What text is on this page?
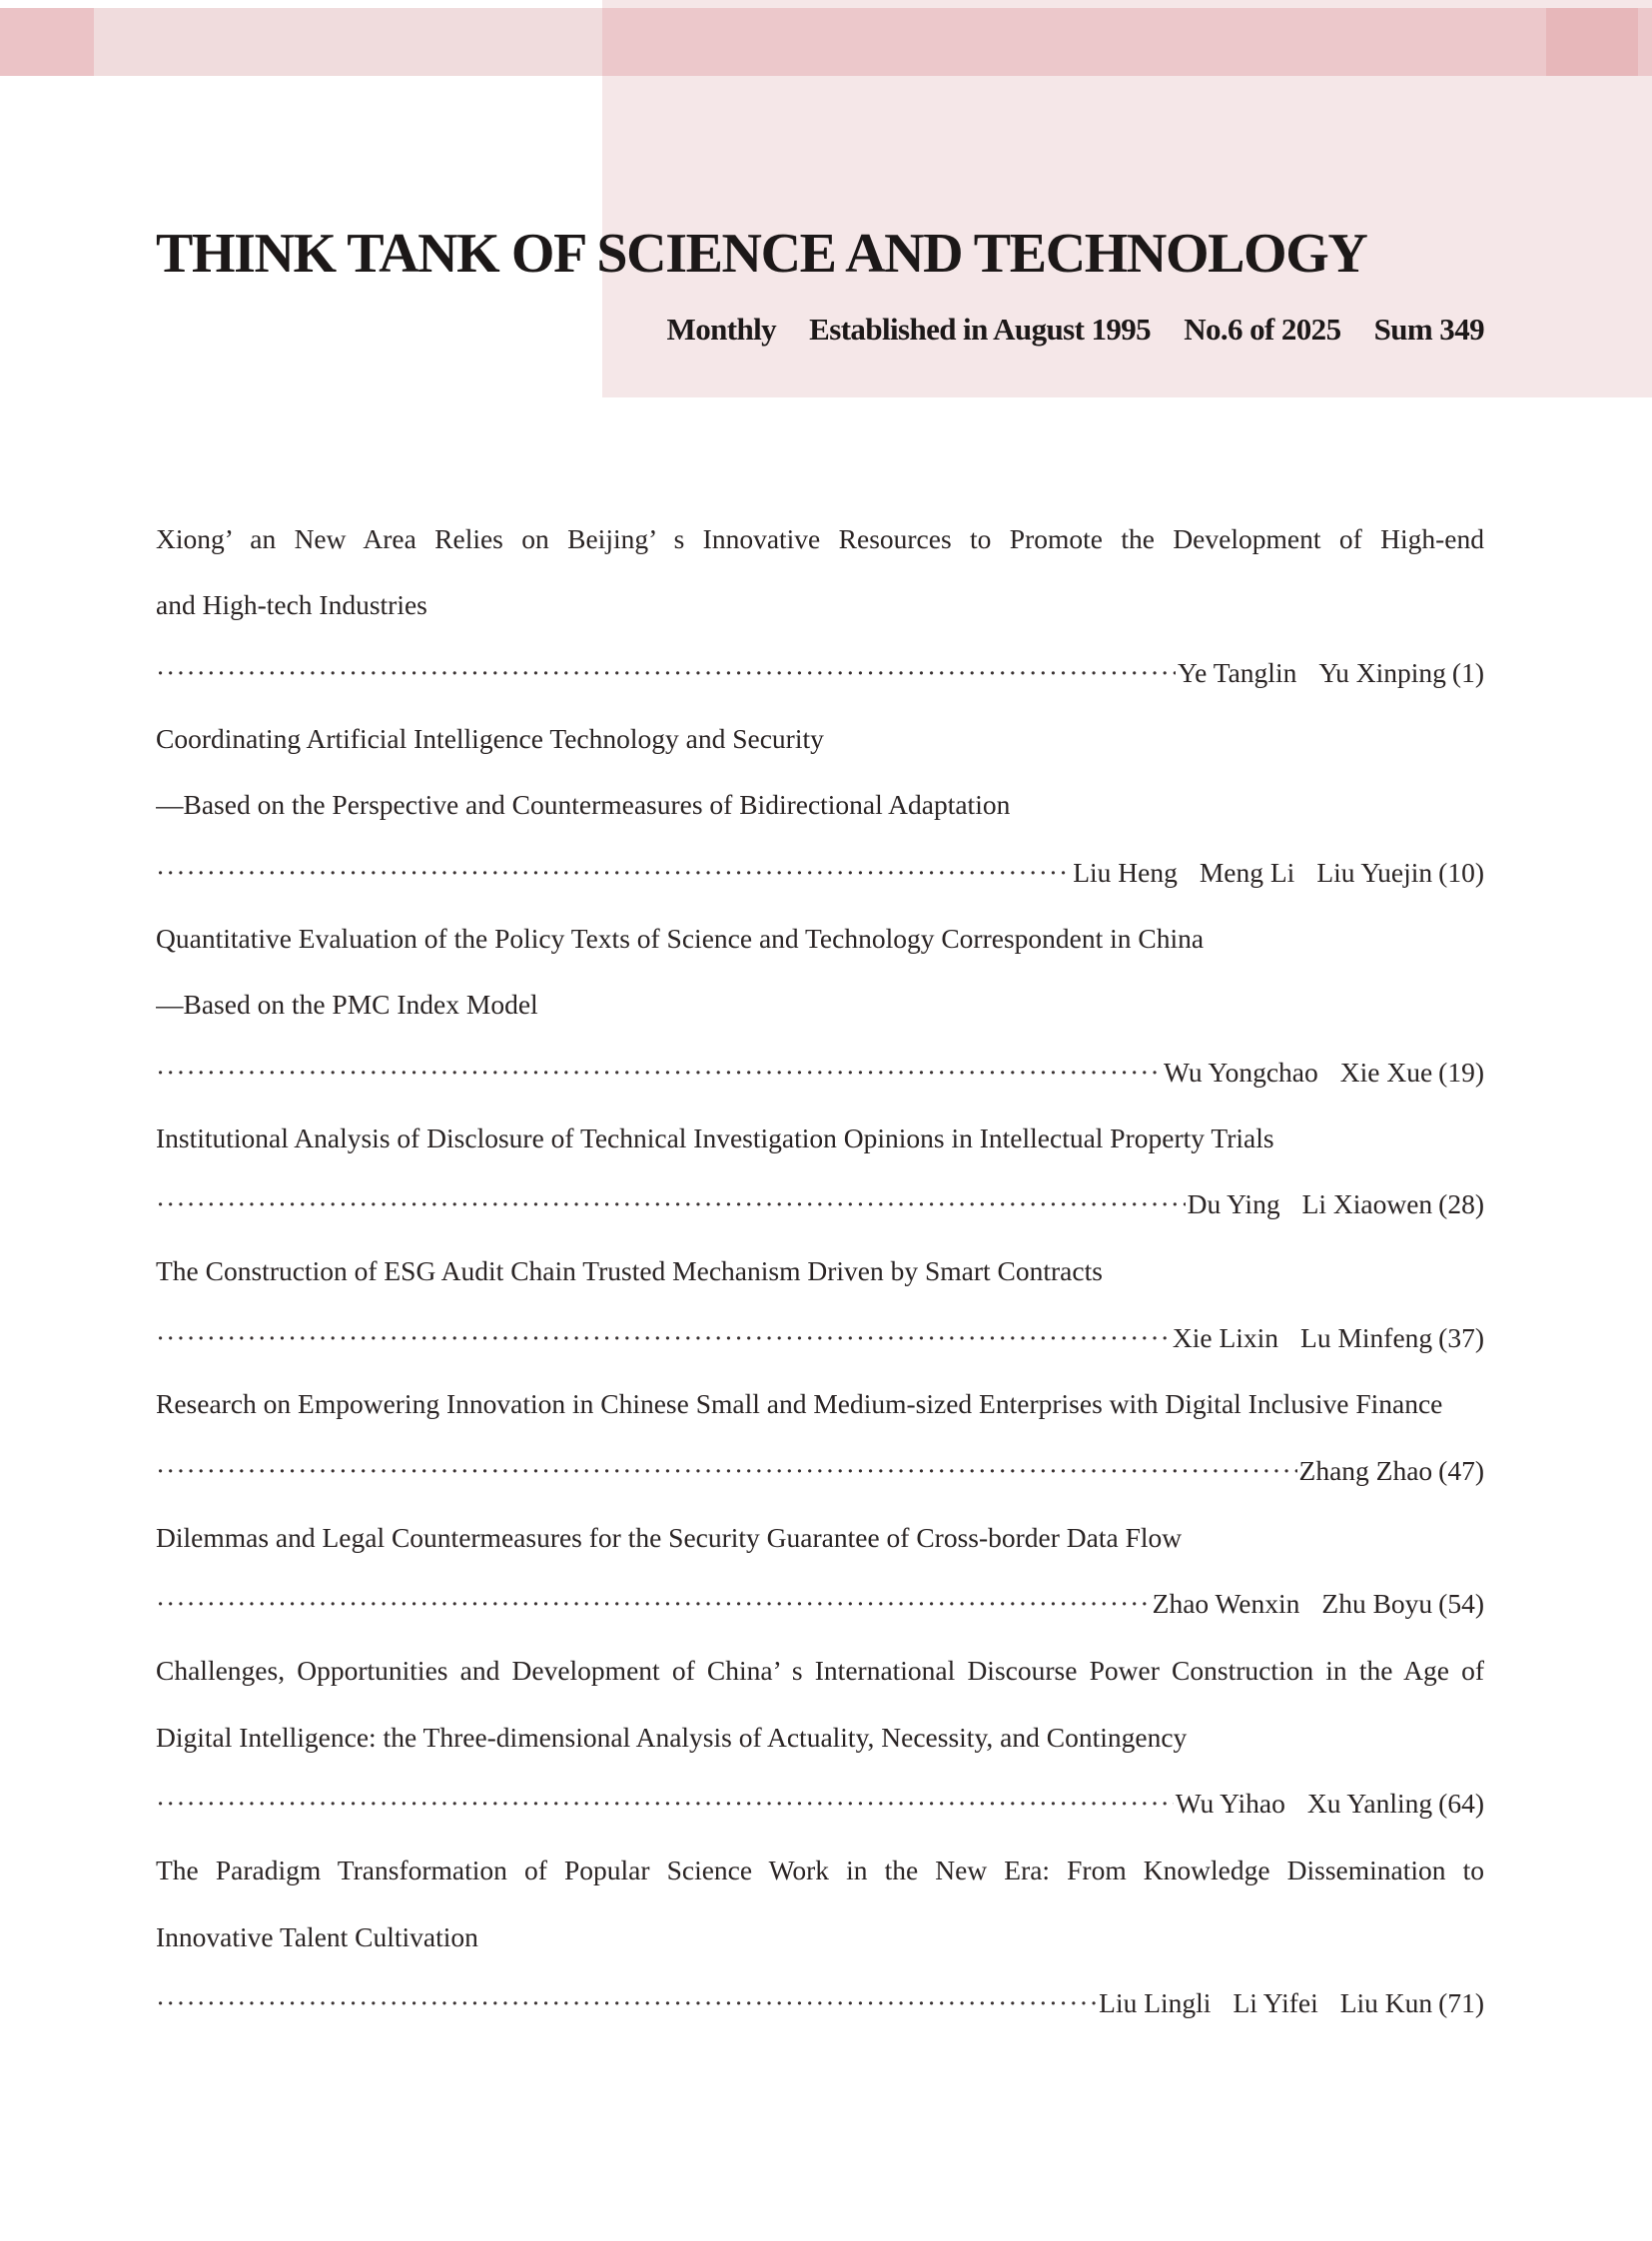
THINK TANK OF SCIENCE AND TECHNOLOGY
Monthly Established in August 1995 No.6 of 2025 Sum 349
Xiong’ an New Area Relies on Beijing’ s Innovative Resources to Promote the Development of High-end
and High-tech Industries
·····
Ye Tanglin Yu Xinping (1)
Coordinating Artificial Intelligence Technology and Security
—Based on the Perspective and Countermeasures of Bidirectional Adaptation
·····
Liu Heng Meng Li Liu Yuejin (10)
Quantitative Evaluation of the Policy Texts of Science and Technology Correspondent in China
—Based on the PMC Index Model
·····
Wu Yongchao Xie Xue (19)
Institutional Analysis of Disclosure of Technical Investigation Opinions in Intellectual Property Trials
·····
Du Ying Li Xiaowen (28)
The Construction of ESG Audit Chain Trusted Mechanism Driven by Smart Contracts
·····
Xie Lixin Lu Minfeng (37)
Research on Empowering Innovation in Chinese Small and Medium-sized Enterprises with Digital Inclusive Finance
·····
Zhang Zhao (47)
Dilemmas and Legal Countermeasures for the Security Guarantee of Cross-border Data Flow
·····
Zhao Wenxin Zhu Boyu (54)
Challenges, Opportunities and Development of China’ s International Discourse Power Construction in the Age of
Digital Intelligence: the Three-dimensional Analysis of Actuality, Necessity, and Contingency
·····
Wu Yihao Xu Yanling (64)
The Paradigm Transformation of Popular Science Work in the New Era: From Knowledge Dissemination to
Innovative Talent Cultivation
·····
Liu Lingli Li Yifei Liu Kun (71)
